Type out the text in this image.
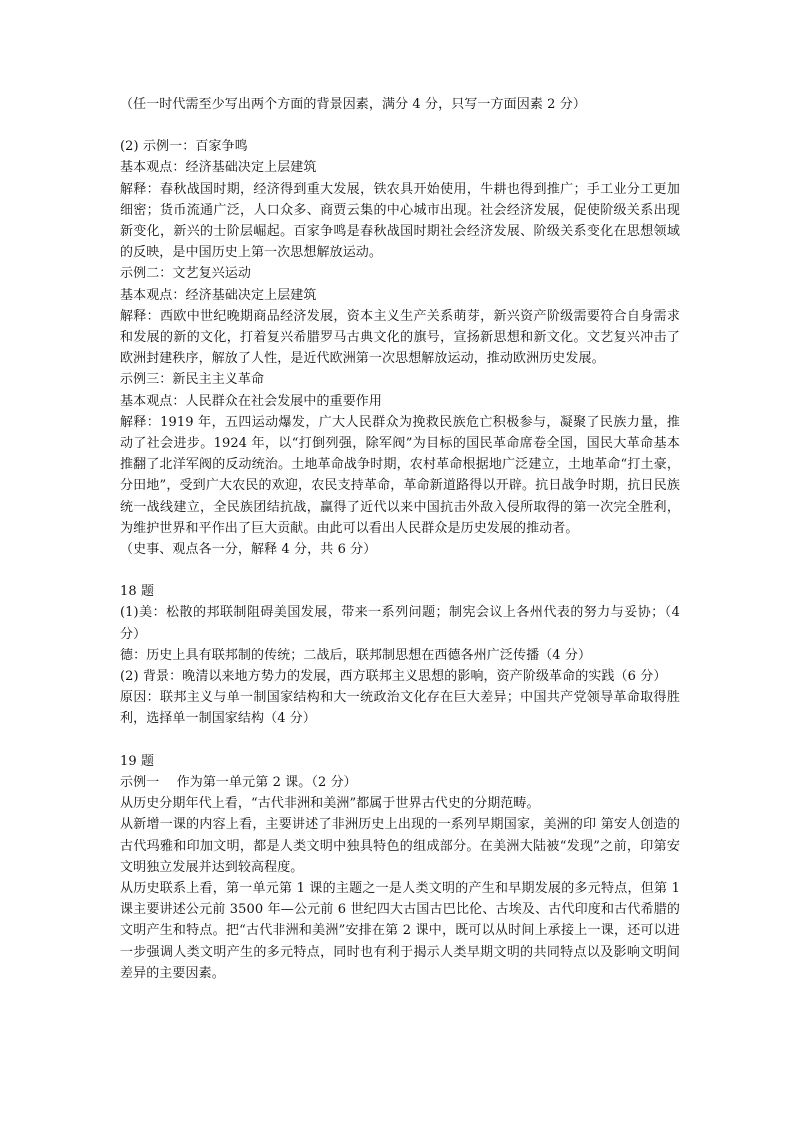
（任一时代需至少写出两个方面的背景因素，满分 4 分，只写一方面因素 2 分）

(2) 示例一：百家争鸣

基本观点：经济基础决定上层建筑

解释：春秋战国时期，经济得到重大发展，铁农具开始使用，牛耕也得到推广；手工业分工更加细密；货币流通广泛，人口众多、商贾云集的中心城市出现。社会经济发展，促使阶级关系出现新变化，新兴的士阶层崛起。百家争鸣是春秋战国时期社会经济发展、阶级关系变化在思想领域的反映，是中国历史上第一次思想解放运动。

示例二：文艺复兴运动

基本观点：经济基础决定上层建筑

解释：西欧中世纪晚期商品经济发展，资本主义生产关系萌芽，新兴资产阶级需要符合自身需求和发展的新的文化，打着复兴希腊罗马古典文化的旗号，宣扬新思想和新文化。文艺复兴冲击了欧洲封建秩序，解放了人性，是近代欧洲第一次思想解放运动，推动欧洲历史发展。

示例三：新民主主义革命

基本观点：人民群众在社会发展中的重要作用

解释：1919 年，五四运动爆发，广大人民群众为挽救民族危亡积极参与，凝聚了民族力量，推动了社会进步。1924 年，以“打倒列强，除军阀”为目标的国民革命席卷全国，国民大革命基本推翻了北洋军阀的反动统治。土地革命战争时期，农村革命根据地广泛建立，土地革命“打土豪，分田地”，受到广大农民的欢迎，农民支持革命，革命新道路得以开辟。抗日战争时期，抗日民族统一战线建立，全民族团结抗战，赢得了近代以来中国抗击外敌入侵所取得的第一次完全胜利，为维护世界和平作出了巨大贡献。由此可以看出人民群众是历史发展的推动者。

（史事、观点各一分，解释 4 分，共 6 分）

18 题

(1)美：松散的邦联制阻碍美国发展，带来一系列问题；制宪会议上各州代表的努力与妥协；（4 分）

德：历史上具有联邦制的传统；二战后，联邦制思想在西德各州广泛传播（4 分）

(2) 背景：晚清以来地方势力的发展，西方联邦主义思想的影响，资产阶级革命的实践（6 分）

原因：联邦主义与单一制国家结构和大一统政治文化存在巨大差异；中国共产党领导革命取得胜利，选择单一制国家结构（4 分）

19 题

示例一　 作为第一单元第 2 课。（2 分）

从历史分期年代上看，“古代非洲和美洲”都属于世界古代史的分期范畴。

从新增一课的内容上看，主要讲述了非洲历史上出现的一系列早期国家，美洲的印 第安人创造的古代玛雅和印加文明，都是人类文明中独具特色的组成部分。在美洲大陆被“发现”之前，印第安文明独立发展并达到较高程度。

从历史联系上看，第一单元第 1 课的主题之一是人类文明的产生和早期发展的多元特点，但第 1 课主要讲述公元前 3500 年—公元前 6 世纪四大古国古巴比伦、古埃及、古代印度和古代希腊的文明产生和特点。把“古代非洲和美洲”安排在第 2 课中，既可以从时间上承接上一课，还可以进一步强调人类文明产生的多元特点，同时也有利于揭示人类早期文明的共同特点以及影响文明间差异的主要因素。
